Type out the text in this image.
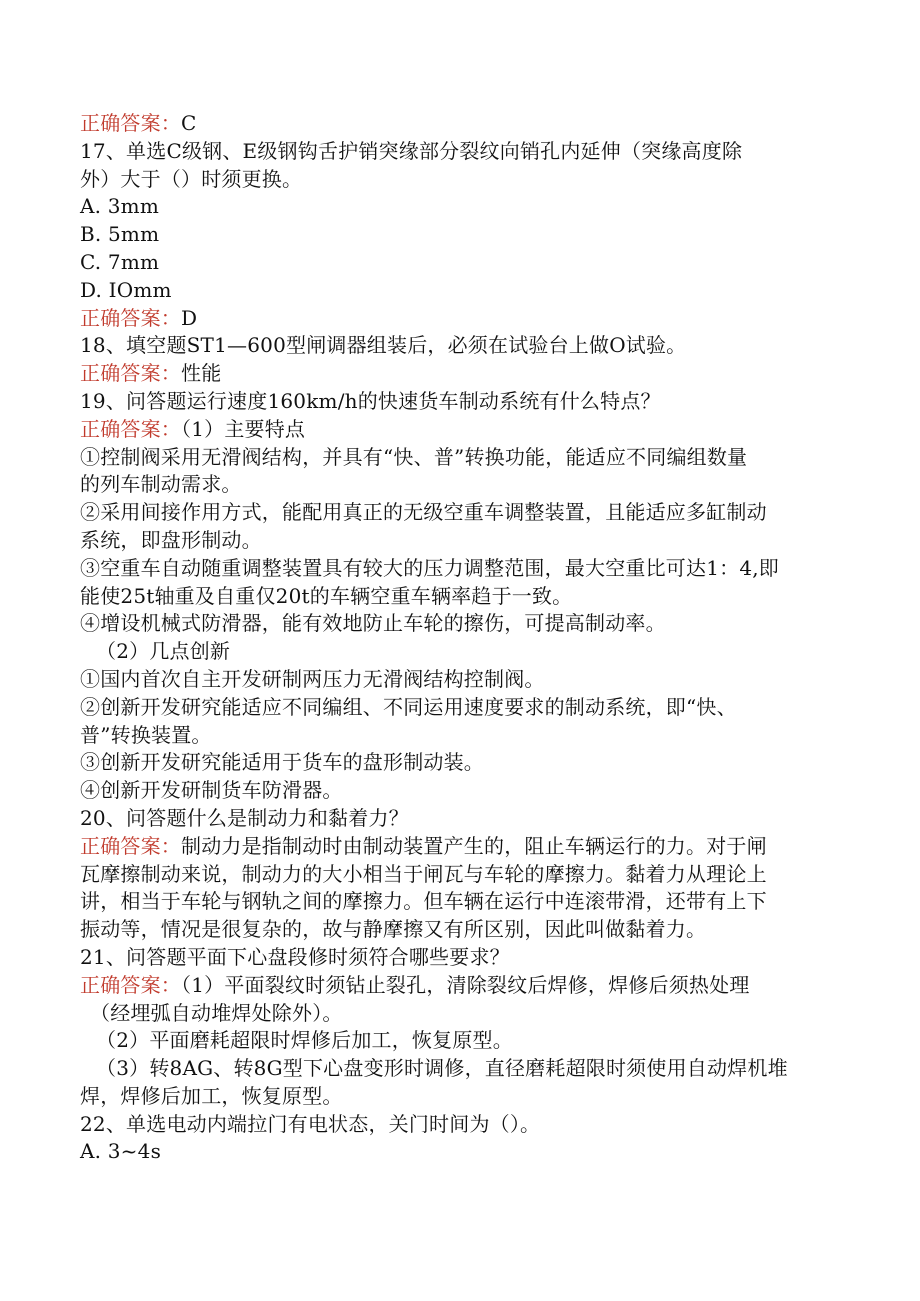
正确答案：C
17、单选C级钢、E级钢钩舌护销突缘部分裂纹向销孔内延伸（突缘高度除
外）大于（）时须更换。
A. 3mm
B. 5mm
C. 7mm
D. IOmm
正确答案：D
18、填空题ST1—600型闸调器组装后，必须在试验台上做O试验。
正确答案：性能
19、问答题运行速度160km/h的快速货车制动系统有什么特点？
正确答案：（1）主要特点
①控制阀采用无滑阀结构，并具有“快、普”转换功能，能适应不同编组数量
的列车制动需求。
②采用间接作用方式，能配用真正的无级空重车调整装置，且能适应多缸制动
系统，即盘形制动。
③空重车自动随重调整装置具有较大的压力调整范围，最大空重比可达1：4,即
能使25t轴重及自重仅20t的车辆空重车辆率趋于一致。
④增设机械式防滑器，能有效地防止车轮的擦伤，可提高制动率。
（2）几点创新
①国内首次自主开发研制两压力无滑阀结构控制阀。
②创新开发研究能适应不同编组、不同运用速度要求的制动系统，即“快、
普”转换装置。
③创新开发研究能适用于货车的盘形制动装。
④创新开发研制货车防滑器。
20、问答题什么是制动力和黏着力？
正确答案：制动力是指制动时由制动装置产生的，阻止车辆运行的力。对于闸
瓦摩擦制动来说，制动力的大小相当于闸瓦与车轮的摩擦力。黏着力从理论上
讲，相当于车轮与钢轨之间的摩擦力。但车辆在运行中连滚带滑，还带有上下
振动等，情况是很复杂的，故与静摩擦又有所区别，因此叫做黏着力。
21、问答题平面下心盘段修时须符合哪些要求？
正确答案：（1）平面裂纹时须钻止裂孔，清除裂纹后焊修，焊修后须热处理
（经埋弧自动堆焊处除外）。
（2）平面磨耗超限时焊修后加工，恢复原型。
（3）转8AG、转8G型下心盘变形时调修，直径磨耗超限时须使用自动焊机堆
焊，焊修后加工，恢复原型。
22、单选电动内端拉门有电状态，关门时间为（）。
A. 3~4s
